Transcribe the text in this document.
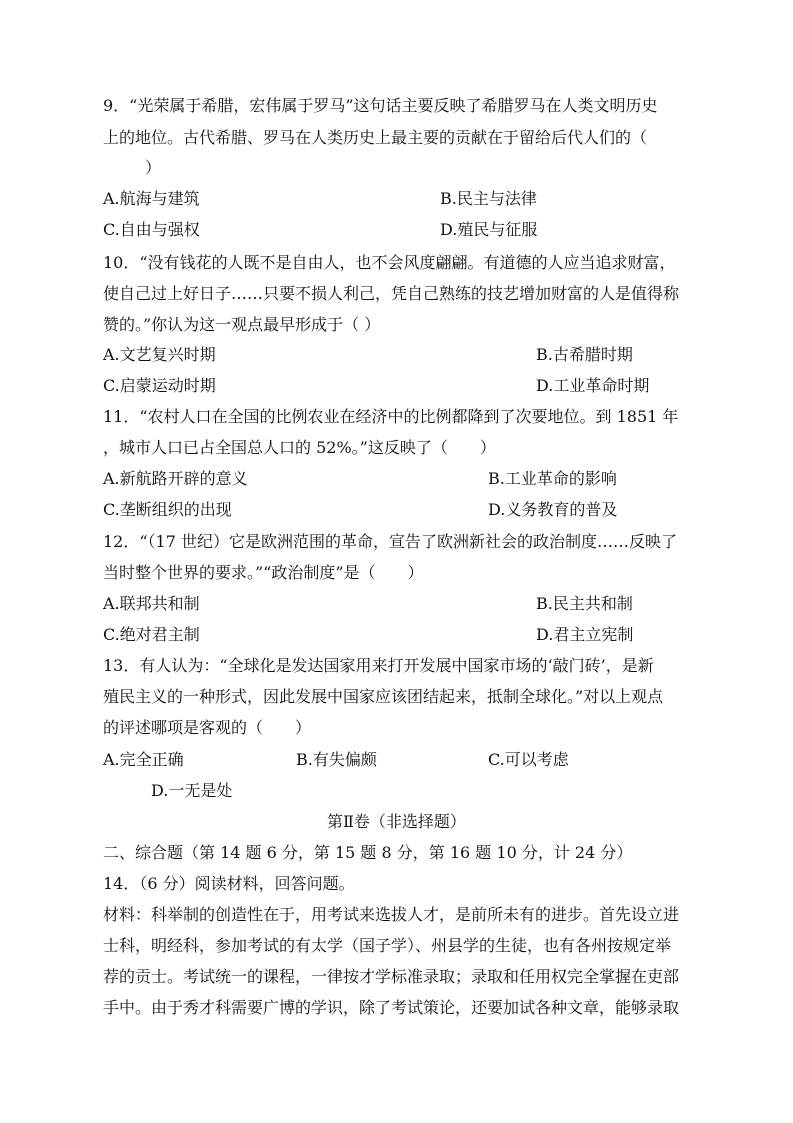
9．“光荣属于希腊，宏伟属于罗马”这句话主要反映了希腊罗马在人类文明历史
上的地位。古代希腊、罗马在人类历史上最主要的贡献在于留给后代人们的（
）
A.航海与建筑	B.民主与法律
C.自由与强权	D.殖民与征服
10．“没有钱花的人既不是自由人，也不会风度翩翩。有道德的人应当追求财富，
使自己过上好日子……只要不损人利己，凭自己熟练的技艺增加财富的人是值得称
赞的。”你认为这一观点最早形成于（ ）
A.文艺复兴时期	B.古希腊时期
C.启蒙运动时期	D.工业革命时期
11．“农村人口在全国的比例农业在经济中的比例都降到了次要地位。到 1851 年
，城市人口已占全国总人口的 52%。”这反映了（　　）
A.新航路开辟的意义	B.工业革命的影响
C.垄断组织的出现	D.义务教育的普及
12．“（17 世纪）它是欧洲范围的革命，宣告了欧洲新社会的政治制度……反映了
当时整个世界的要求。”“政治制度”是（　　）
A.联邦共和制	B.民主共和制
C.绝对君主制	D.君主立宪制
13．有人认为：“全球化是发达国家用来打开发展中国家市场的‘敲门砖’，是新
殖民主义的一种形式，因此发展中国家应该团结起来，抵制全球化。”对以上观点
的评述哪项是客观的（　　）
A.完全正确	B.有失偏颇	C.可以考虑
D.一无是处
第Ⅱ卷（非选择题）
二、综合题（第 14 题 6 分，第 15 题 8 分，第 16 题 10 分，计 24 分）
14．（6 分）阅读材料，回答问题。
材料：科举制的创造性在于，用考试来选拔人才，是前所未有的进步。首先设立进
士科，明经科，参加考试的有太学（国子学）、州县学的生徒，也有各州按规定举
荐的贡士。考试统一的课程，一律按才学标准录取；录取和任用权完全掌握在吏部
手中。由于秀才科需要广博的学识，除了考试策论，还要加试各种文章，能够录取
